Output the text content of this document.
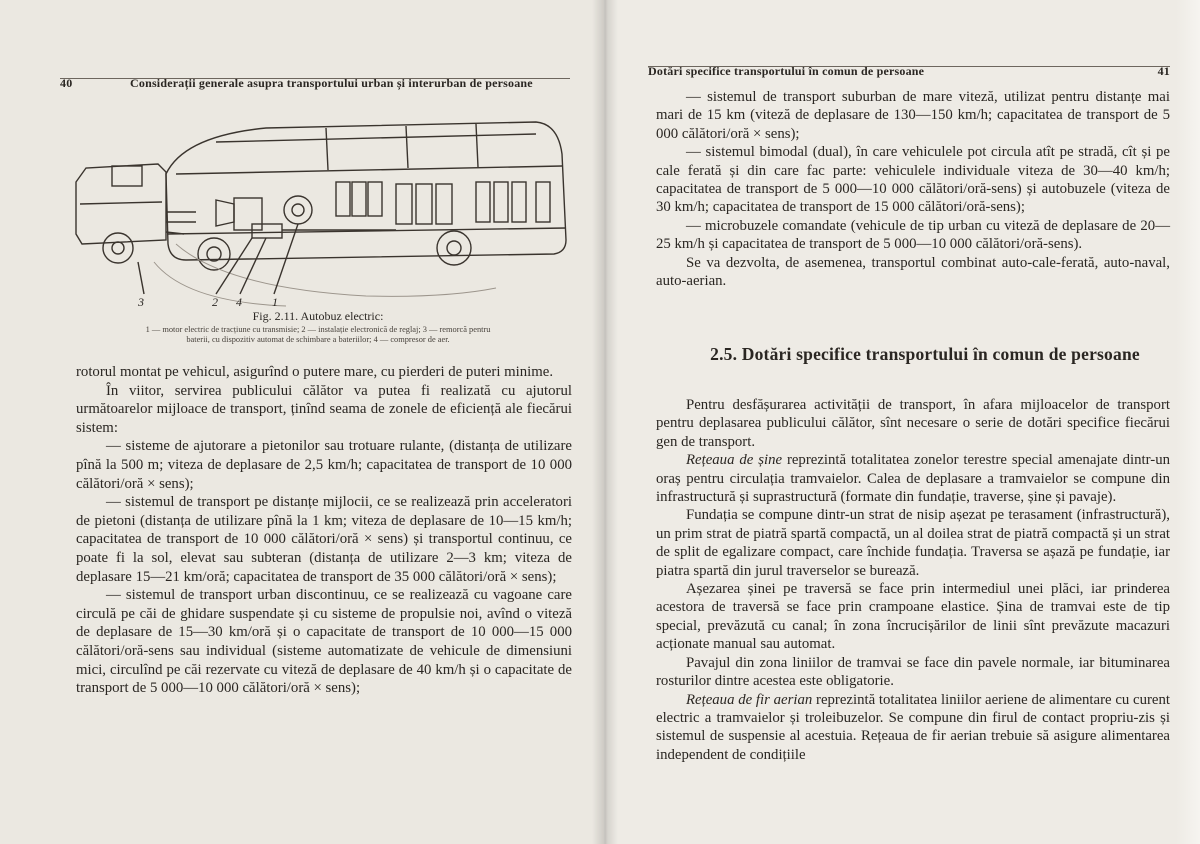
40	Considerații generale asupra transportului urban și interurban de persoane
3	2 4	1
Fig. 2.11. Autobuz electric:
1 — motor electric de tracțiune cu transmisie; 2 — instalație electronică de reglaj; 3 — remorcă pentru
baterii, cu dispozitiv automat de schimbare a bateriilor; 4 — compresor de aer.

rotorul montat pe vehicul, asigurînd o putere mare, cu pierderi de puteri minime.

În viitor, servirea publicului călător va putea fi realizată cu ajutorul următoarelor mijloace de transport, ținînd seama de zonele de eficiență ale fiecărui sistem:

— sisteme de ajutorare a pietonilor sau trotuare rulante, (distanța de utilizare pînă la 500 m; viteza de deplasare de 2,5 km/h; capacitatea de transport de 10 000 călători/oră × sens);

— sistemul de transport pe distanțe mijlocii, ce se realizează prin acceleratori de pietoni (distanța de utilizare pînă la 1 km; viteza de deplasare de 10—15 km/h; capacitatea de transport de 10 000 călători/oră × sens) și transportul continuu, ce poate fi la sol, elevat sau subteran (distanța de utilizare 2—3 km; viteza de deplasare 15—21 km/oră; capacitatea de transport de 35 000 călători/oră × sens);

— sistemul de transport urban discontinuu, ce se realizează cu vagoane care circulă pe căi de ghidare suspendate și cu sisteme de propulsie noi, avînd o viteză de deplasare de 15—30 km/oră și o capacitate de transport de 10 000—15 000 călători/oră-sens sau individual (sisteme automatizate de vehicule de dimensiuni mici, circulînd pe căi rezervate cu viteză de deplasare de 40 km/h și o capacitate de transport de 5 000—10 000 călători/oră × sens);

Dotări specifice transportului în comun de persoane	41

— sistemul de transport suburban de mare viteză, utilizat pentru distanțe mai mari de 15 km (viteză de deplasare de 130—150 km/h; capacitatea de transport de 5 000 călători/oră × sens);

— sistemul bimodal (dual), în care vehiculele pot circula atît pe stradă, cît și pe cale ferată și din care fac parte: vehiculele individuale viteza de 30—40 km/h; capacitatea de transport de 5 000—10 000 călători/oră-sens) și autobuzele (viteza de 30 km/h; capacitatea de transport de 15 000 călători/oră-sens);

— microbuzele comandate (vehicule de tip urban cu viteză de deplasare de 20—25 km/h și capacitatea de transport de 5 000—10 000 călători/oră-sens).

Se va dezvolta, de asemenea, transportul combinat auto-cale-ferată, auto-naval, auto-aerian.

2.5. Dotări specifice transportului în comun de persoane

Pentru desfășurarea activității de transport, în afara mijloacelor de transport pentru deplasarea publicului călător, sînt necesare o serie de dotări specifice fiecărui gen de transport.

Rețeaua de șine reprezintă totalitatea zonelor terestre special amenajate dintr-un oraș pentru circulația tramvaielor. Calea de deplasare a tramvaielor se compune din infrastructură și suprastructură (formate din fundație, traverse, șine și pavaje).

Fundația se compune dintr-un strat de nisip așezat pe terasament (infrastructură), un prim strat de piatră spartă compactă, un al doilea strat de piatră compactă și un strat de split de egalizare compact, care închide fundația. Traversa se așază pe fundație, iar piatra spartă din jurul traverselor se burează.

Așezarea șinei pe traversă se face prin intermediul unei plăci, iar prinderea acestora de traversă se face prin crampoane elastice. Șina de tramvai este de tip special, prevăzută cu canal; în zona încrucișărilor de linii sînt prevăzute macazuri acționate manual sau automat.

Pavajul din zona liniilor de tramvai se face din pavele normale, iar bituminarea rosturilor dintre acestea este obligatorie.

Rețeaua de fir aerian reprezintă totalitatea liniilor aeriene de alimentare cu curent electric a tramvaielor și troleibuzelor. Se compune din firul de contact propriu-zis și sistemul de suspensie al acestuia. Rețeaua de fir aerian trebuie să asigure alimentarea independent de condițiile
